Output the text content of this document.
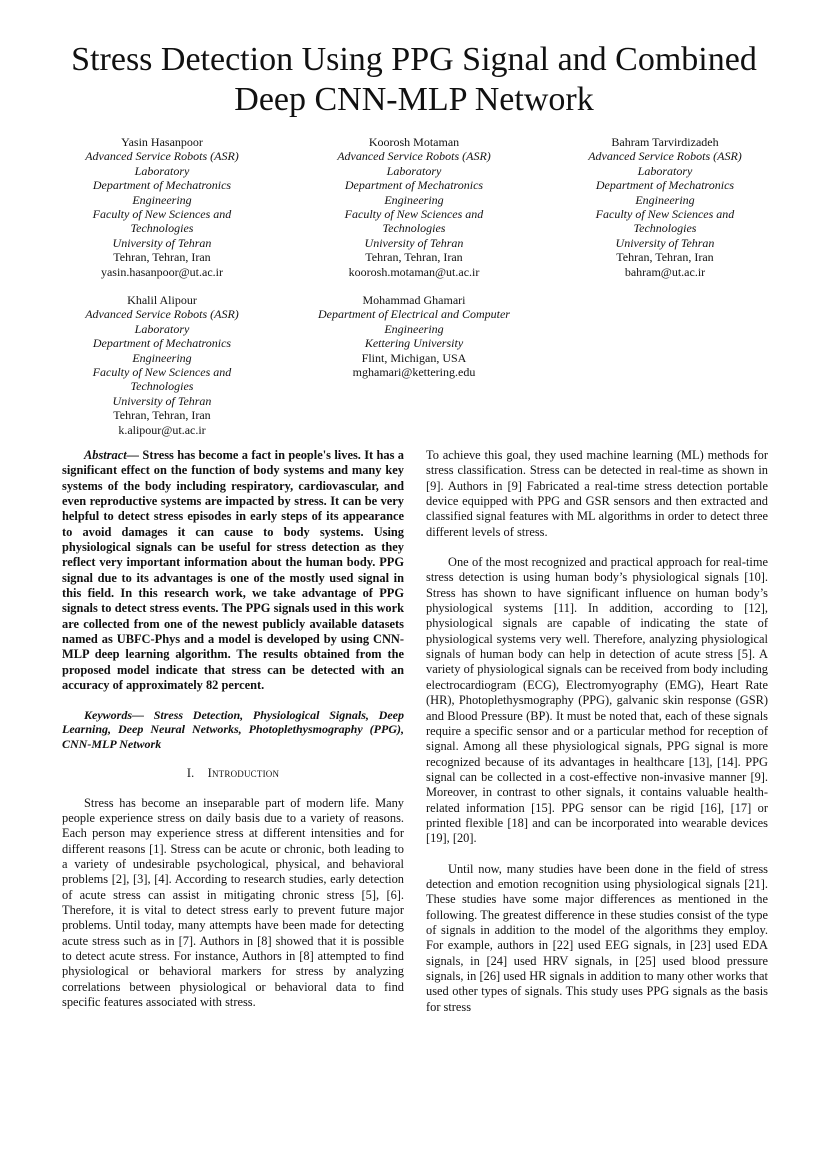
Stress Detection Using PPG Signal and Combined
Deep CNN-MLP Network
Yasin Hasanpoor
Advanced Service Robots (ASR)
Laboratory
Department of Mechatronics
Engineering
Faculty of New Sciences and
Technologies
University of Tehran
Tehran, Tehran, Iran
yasin.hasanpoor@ut.ac.ir
Koorosh Motaman
Advanced Service Robots (ASR)
Laboratory
Department of Mechatronics
Engineering
Faculty of New Sciences and
Technologies
University of Tehran
Tehran, Tehran, Iran
koorosh.motaman@ut.ac.ir
Bahram Tarvirdizadeh
Advanced Service Robots (ASR)
Laboratory
Department of Mechatronics
Engineering
Faculty of New Sciences and
Technologies
University of Tehran
Tehran, Tehran, Iran
bahram@ut.ac.ir
Khalil Alipour
Advanced Service Robots (ASR)
Laboratory
Department of Mechatronics
Engineering
Faculty of New Sciences and
Technologies
University of Tehran
Tehran, Tehran, Iran
k.alipour@ut.ac.ir
Mohammad Ghamari
Department of Electrical and Computer
Engineering
Kettering University
Flint, Michigan, USA
mghamari@kettering.edu

Abstract— Stress has become a fact in people's lives. It has a significant effect on the function of body systems and many key systems of the body including respiratory, cardiovascular, and even reproductive systems are impacted by stress. It can be very helpful to detect stress episodes in early steps of its appearance to avoid damages it can cause to body systems. Using physiological signals can be useful for stress detection as they reflect very important information about the human body. PPG signal due to its advantages is one of the mostly used signal in this field. In this research work, we take advantage of PPG signals to detect stress events. The PPG signals used in this work are collected from one of the newest publicly available datasets named as UBFC-Phys and a model is developed by using CNN-MLP deep learning algorithm. The results obtained from the proposed model indicate that stress can be detected with an accuracy of approximately 82 percent.

Keywords— Stress Detection, Physiological Signals, Deep Learning, Deep Neural Networks, Photoplethysmography (PPG), CNN-MLP Network

I. Introduction

Stress has become an inseparable part of modern life. Many people experience stress on daily basis due to a variety of reasons. Each person may experience stress at different intensities and for different reasons [1]. Stress can be acute or chronic, both leading to a variety of undesirable psychological, physical, and behavioral problems [2], [3], [4]. According to research studies, early detection of acute stress can assist in mitigating chronic stress [5], [6]. Therefore, it is vital to detect stress early to prevent future major problems. Until today, many attempts have been made for detecting acute stress such as in [7]. Authors in [8] showed that it is possible to detect acute stress. For instance, Authors in [8] attempted to find physiological or behavioral markers for stress by analyzing correlations between physiological or behavioral data to find specific features associated with stress.

To achieve this goal, they used machine learning (ML) methods for stress classification. Stress can be detected in real-time as shown in [9]. Authors in [9] Fabricated a real-time stress detection portable device equipped with PPG and GSR sensors and then extracted and classified signal features with ML algorithms in order to detect three different levels of stress.

One of the most recognized and practical approach for real-time stress detection is using human body’s physiological signals [10]. Stress has shown to have significant influence on human body’s physiological systems [11]. In addition, according to [12], physiological signals are capable of indicating the state of physiological systems very well. Therefore, analyzing physiological signals of human body can help in detection of acute stress [5]. A variety of physiological signals can be received from body including electrocardiogram (ECG), Electromyography (EMG), Heart Rate (HR), Photoplethysmography (PPG), galvanic skin response (GSR) and Blood Pressure (BP). It must be noted that, each of these signals require a specific sensor and or a particular method for reception of signal. Among all these physiological signals, PPG signal is more recognized because of its advantages in healthcare [13], [14]. PPG signal can be collected in a cost-effective non-invasive manner [9]. Moreover, in contrast to other signals, it contains valuable health-related information [15]. PPG sensor can be rigid [16], [17] or printed flexible [18] and can be incorporated into wearable devices [19], [20].

Until now, many studies have been done in the field of stress detection and emotion recognition using physiological signals [21]. These studies have some major differences as mentioned in the following. The greatest difference in these studies consist of the type of signals in addition to the model of the algorithms they employ. For example, authors in [22] used EEG signals, in [23] used EDA signals, in [24] used HRV signals, in [25] used blood pressure signals, in [26] used HR signals in addition to many other works that used other types of signals. This study uses PPG signals as the basis for stress
